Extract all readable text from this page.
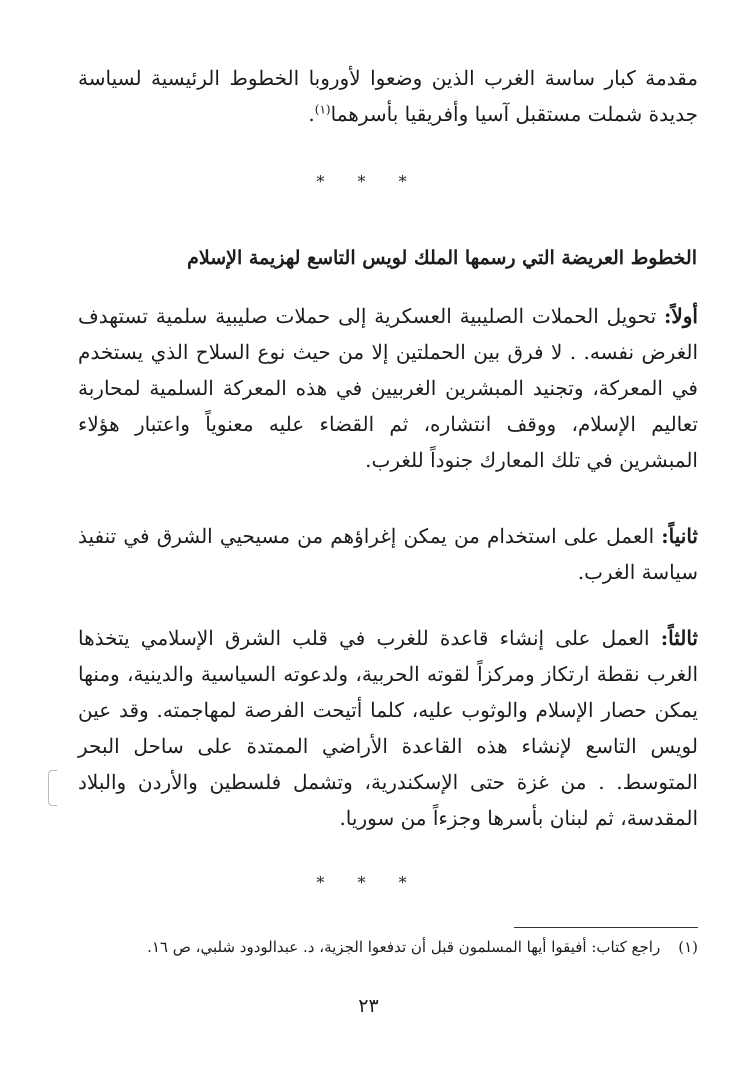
مقدمة كبار ساسة الغرب الذين وضعوا لأوروبا الخطوط الرئيسية لسياسة جديدة شملت مستقبل آسيا وأفريقيا بأسرهما$^{(١)}$.

* * *
الخطوط العريضة التي رسمها الملك لويس التاسع لهزيمة الإسلام

أولاً: تحويل الحملات الصليبية العسكرية إلى حملات صليبية سلمية تستهدف الغرض نفسه. . لا فرق بين الحملتين إلا من حيث نوع السلاح الذي يستخدم في المعركة، وتجنيد المبشرين الغربيين في هذه المعركة السلمية لمحاربة تعاليم الإسلام، ووقف انتشاره، ثم القضاء عليه معنوياً واعتبار هؤلاء المبشرين في تلك المعارك جنوداً للغرب.

ثانياً: العمل على استخدام من يمكن إغراؤهم من مسيحيي الشرق في تنفيذ سياسة الغرب.

ثالثاً: العمل على إنشاء قاعدة للغرب في قلب الشرق الإسلامي يتخذها الغرب نقطة ارتكاز ومركزاً لقوته الحربية، ولدعوته السياسية والدينية، ومنها يمكن حصار الإسلام والوثوب عليه، كلما أتيحت الفرصة لمهاجمته. وقد عين لويس التاسع لإنشاء هذه القاعدة الأراضي الممتدة على ساحل البحر المتوسط. . من غزة حتى الإسكندرية، وتشمل فلسطين والأردن والبلاد المقدسة، ثم لبنان بأسرها وجزءاً من سوريا.

* * *
(١)راجع كتاب: أفيقوا أيها المسلمون قبل أن تدفعوا الجزية، د. عبدالودود شلبي، ص ١٦.
٢٣
